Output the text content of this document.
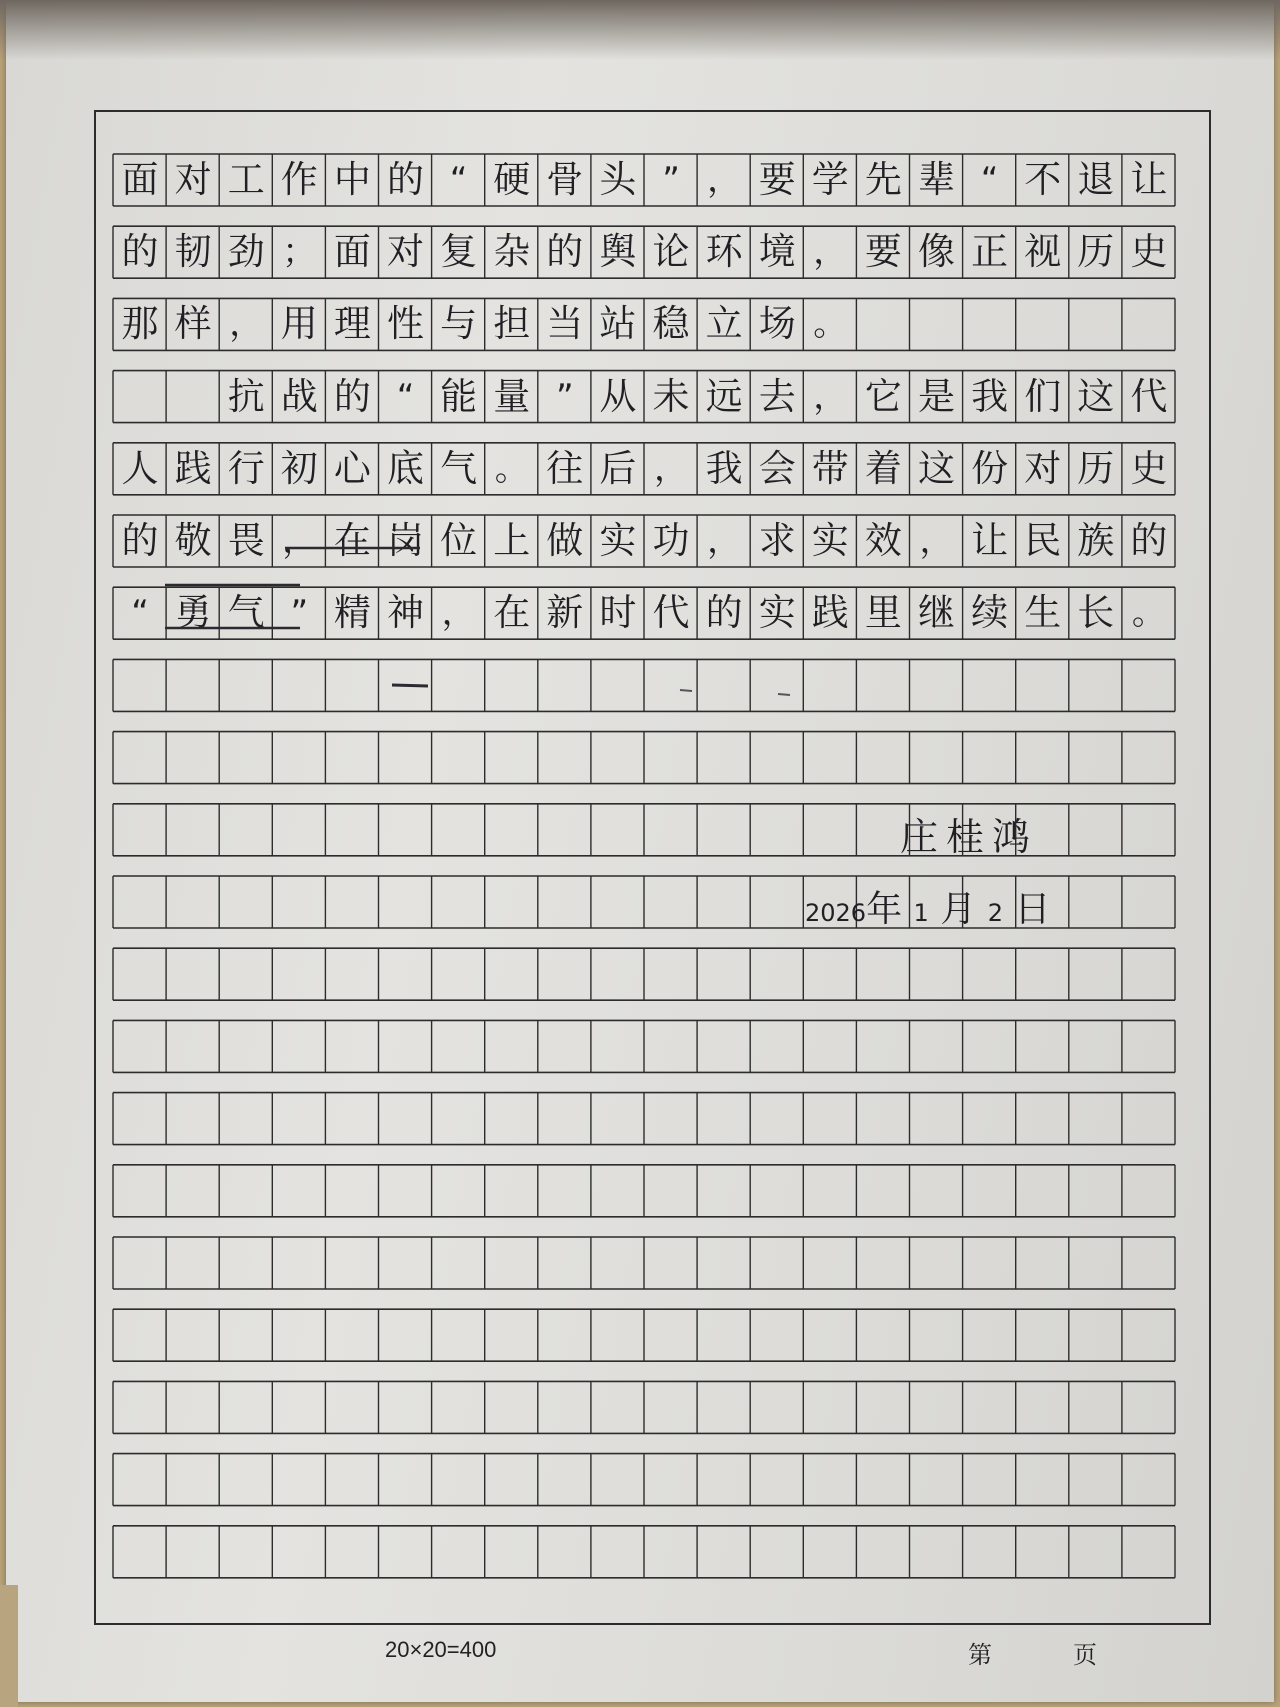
面 对 工 作 中 的 “ 硬 骨 头 ” ， 要 学 先 辈 “ 不 退 让
的 韧 劲 ； 面 对 复 杂 的 舆 论 环 境 ， 要 像 正 视 历 史
那 样 ， 用 理 性 与 担 当 站 稳 立 场 。
抗 战 的 “ 能 量 ” 从 未 远 去 ， 它 是 我 们 这 代
人 践 行 初 心 底 气 。 往 后 ， 我 会 带 着 这 份 对 历 史
的 敬 畏 ， 在 岗 位 上 做 实 功 ， 求 实 效 ， 让 民 族 的
“ 勇 气 ” 精 神 ， 在 新 时 代 的 实 践 里 继 续 生 长 。
庄桂鸿
2026年 1 月 2 日
20×20=400	第	页
